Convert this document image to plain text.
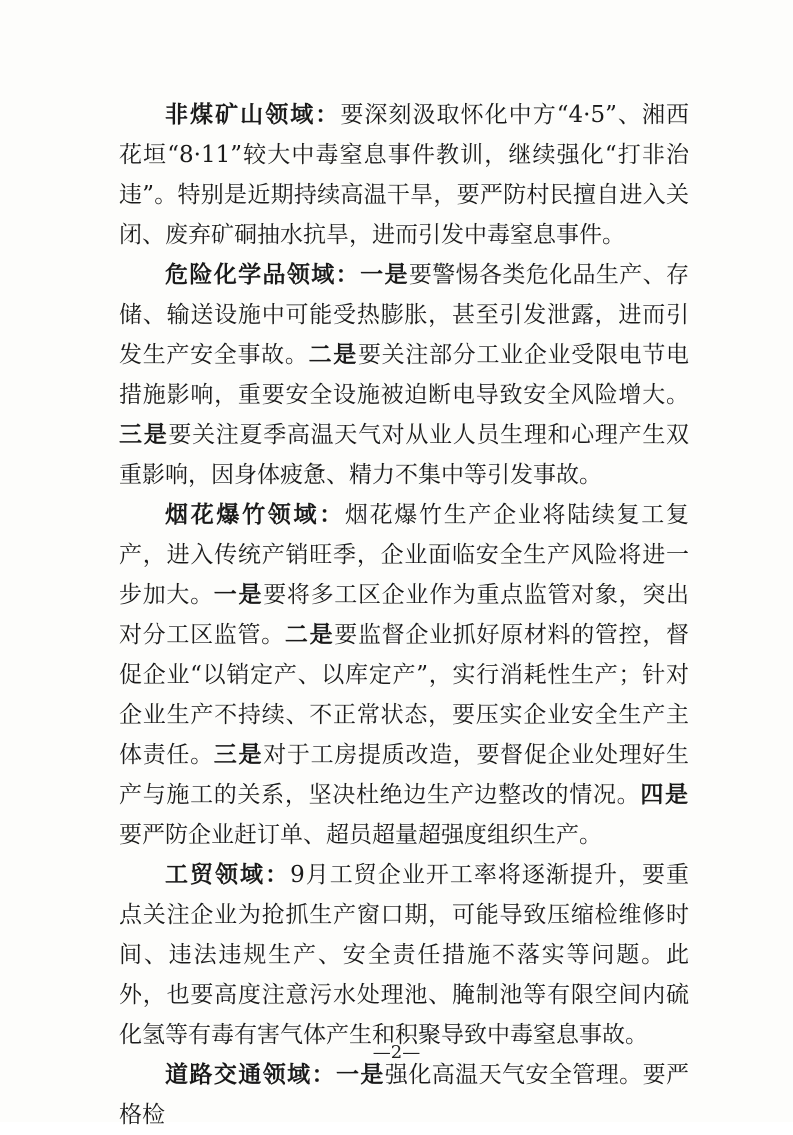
非煤矿山领域：要深刻汲取怀化中方“4·5”、湘西花垣“8·11”较大中毒窒息事件教训，继续强化“打非治违”。特别是近期持续高温干旱，要严防村民擅自进入关闭、废弃矿硐抽水抗旱，进而引发中毒窒息事件。

危险化学品领域：一是要警惕各类危化品生产、存储、输送设施中可能受热膨胀，甚至引发泄露，进而引发生产安全事故。二是要关注部分工业企业受限电节电措施影响，重要安全设施被迫断电导致安全风险增大。三是要关注夏季高温天气对从业人员生理和心理产生双重影响，因身体疲惫、精力不集中等引发事故。

烟花爆竹领域：烟花爆竹生产企业将陆续复工复产，进入传统产销旺季，企业面临安全生产风险将进一步加大。一是要将多工区企业作为重点监管对象，突出对分工区监管。二是要监督企业抓好原材料的管控，督促企业“以销定产、以库定产”，实行消耗性生产；针对企业生产不持续、不正常状态，要压实企业安全生产主体责任。三是对于工房提质改造，要督促企业处理好生产与施工的关系，坚决杜绝边生产边整改的情况。四是要严防企业赶订单、超员超量超强度组织生产。

工贸领域：9月工贸企业开工率将逐渐提升，要重点关注企业为抢抓生产窗口期，可能导致压缩检维修时间、违法违规生产、安全责任措施不落实等问题。此外，也要高度注意污水处理池、腌制池等有限空间内硫化氢等有毒有害气体产生和积聚导致中毒窒息事故。

道路交通领域：一是强化高温天气安全管理。要严格检

—2—
